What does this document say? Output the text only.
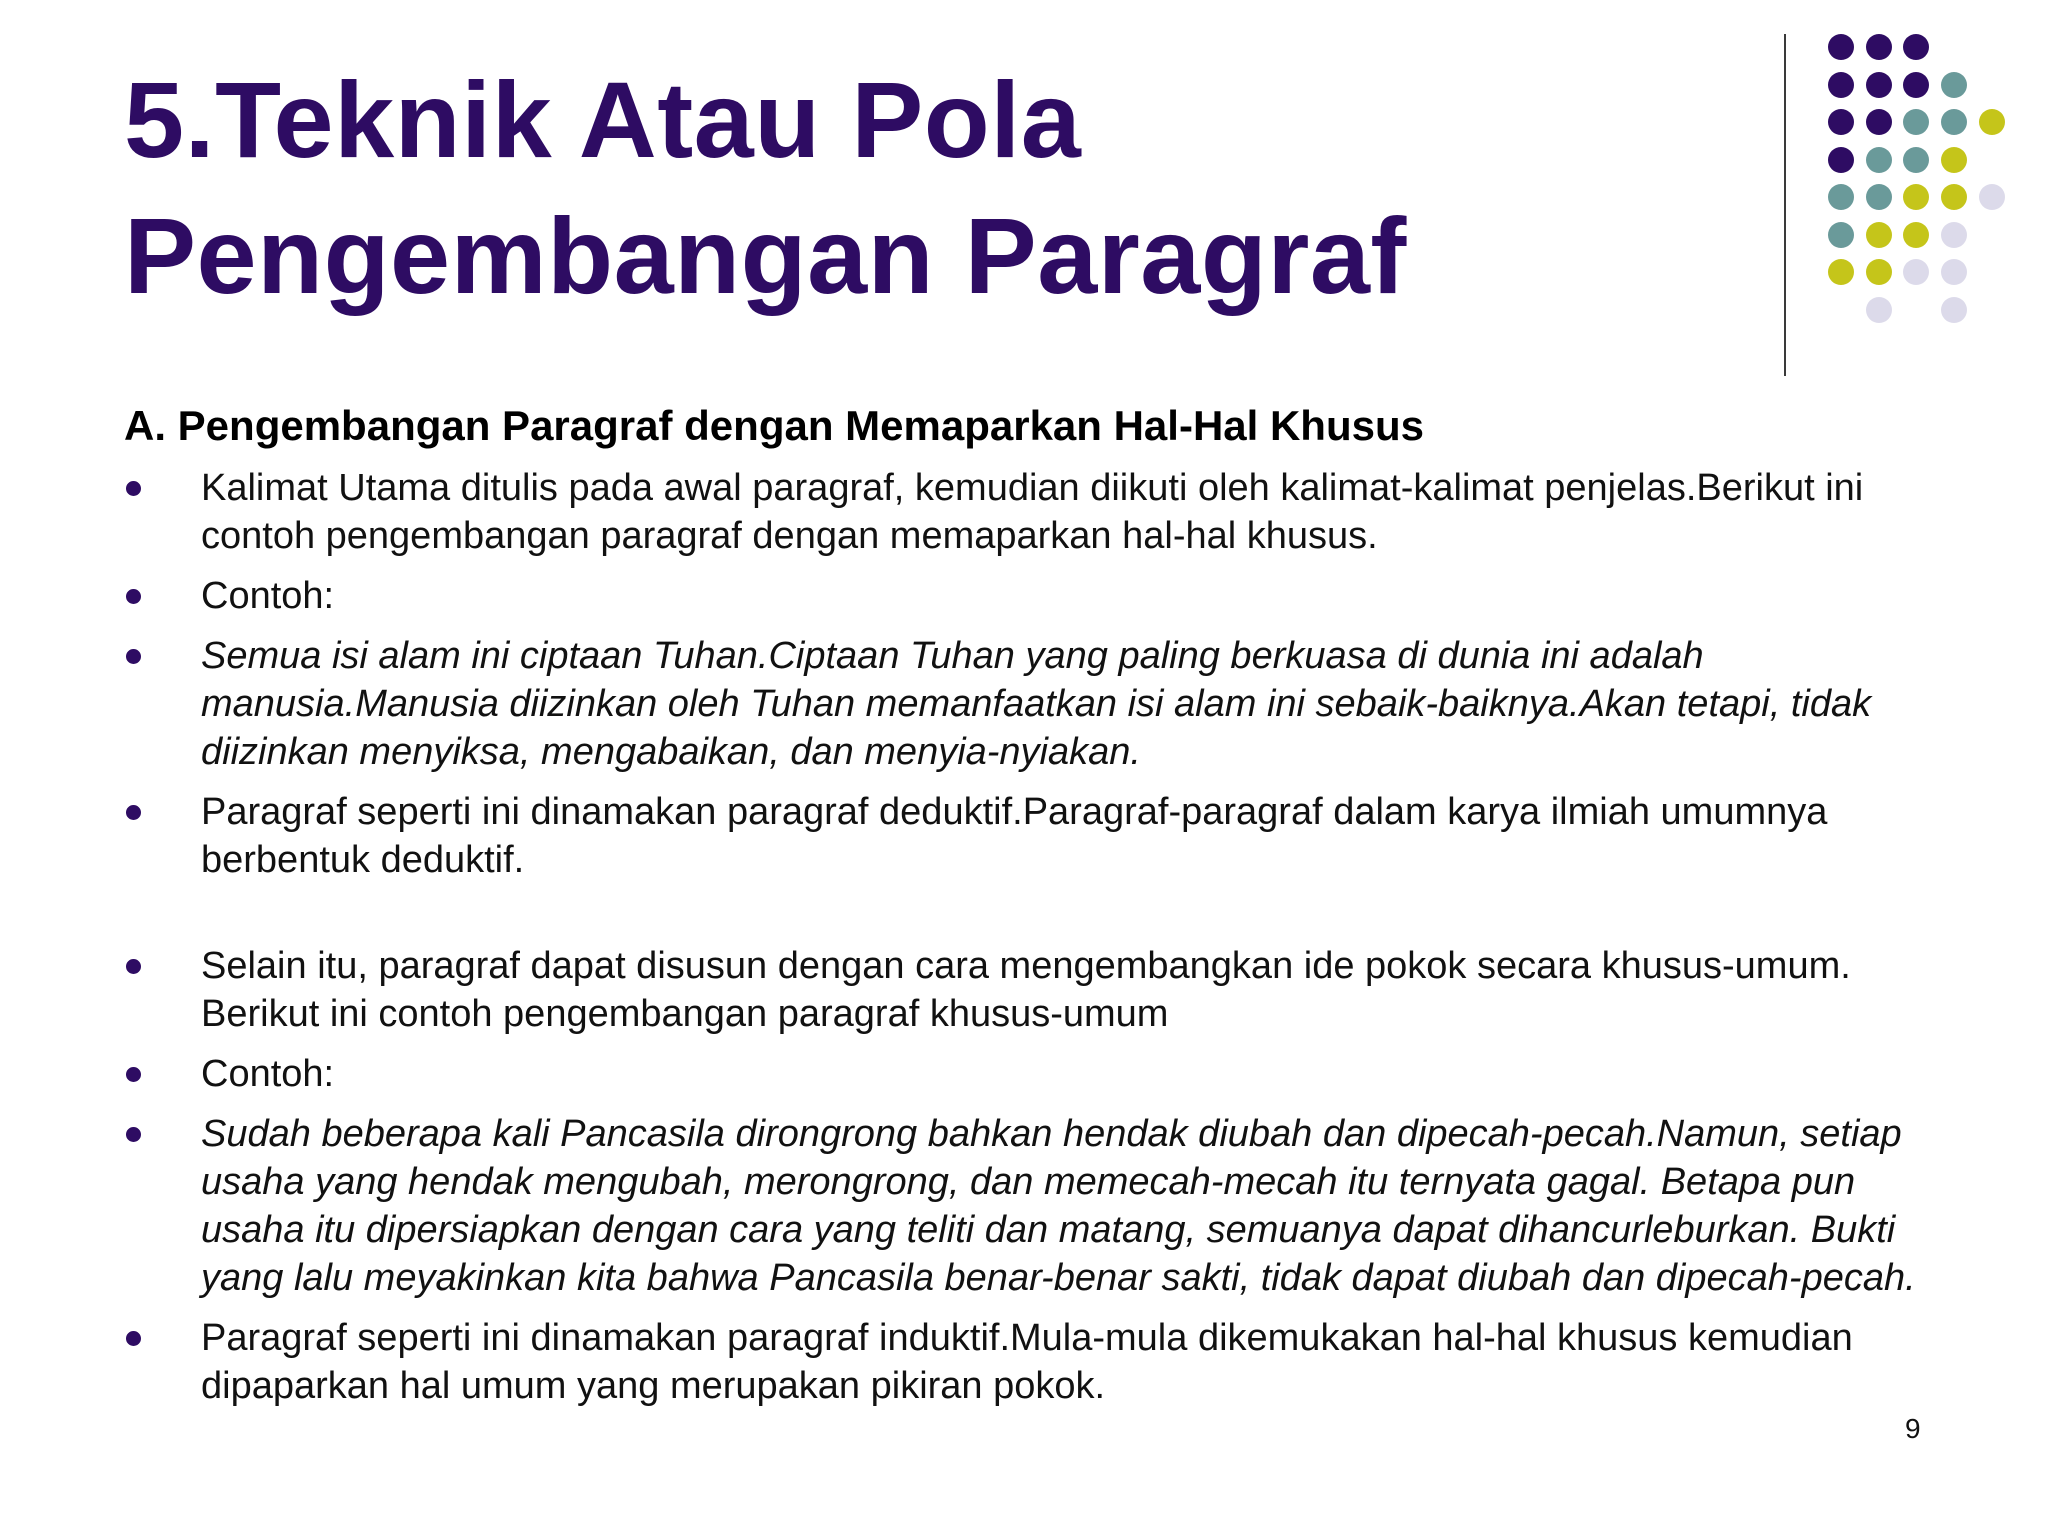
5.Teknik Atau Pola
Pengembangan Paragraf
A. Pengembangan Paragraf dengan Memaparkan Hal-Hal Khusus
Kalimat Utama ditulis pada awal paragraf, kemudian diikuti oleh kalimat-kalimat penjelas.Berikut ini contoh pengembangan paragraf dengan memaparkan hal-hal khusus.
Contoh:
Semua isi alam ini ciptaan Tuhan.Ciptaan Tuhan yang paling berkuasa di dunia ini adalah manusia.Manusia diizinkan oleh Tuhan memanfaatkan isi alam ini sebaik-baiknya.Akan tetapi, tidak diizinkan menyiksa, mengabaikan, dan menyia-nyiakan.
Paragraf seperti ini dinamakan paragraf deduktif.Paragraf-paragraf dalam karya ilmiah umumnya berbentuk deduktif.
Selain itu, paragraf dapat disusun dengan cara mengembangkan ide pokok secara khusus-umum. Berikut ini contoh pengembangan paragraf khusus-umum
Contoh:
Sudah beberapa kali Pancasila dirongrong bahkan hendak diubah dan dipecah-pecah.Namun, setiap usaha yang hendak mengubah, merongrong, dan memecah-mecah itu ternyata gagal. Betapa pun usaha itu dipersiapkan dengan cara yang teliti dan matang, semuanya dapat dihancurleburkan. Bukti yang lalu meyakinkan kita bahwa Pancasila benar-benar sakti, tidak dapat diubah dan dipecah-pecah.
Paragraf seperti ini dinamakan paragraf induktif.Mula-mula dikemukakan hal-hal khusus kemudian dipaparkan hal umum yang merupakan pikiran pokok.
9
